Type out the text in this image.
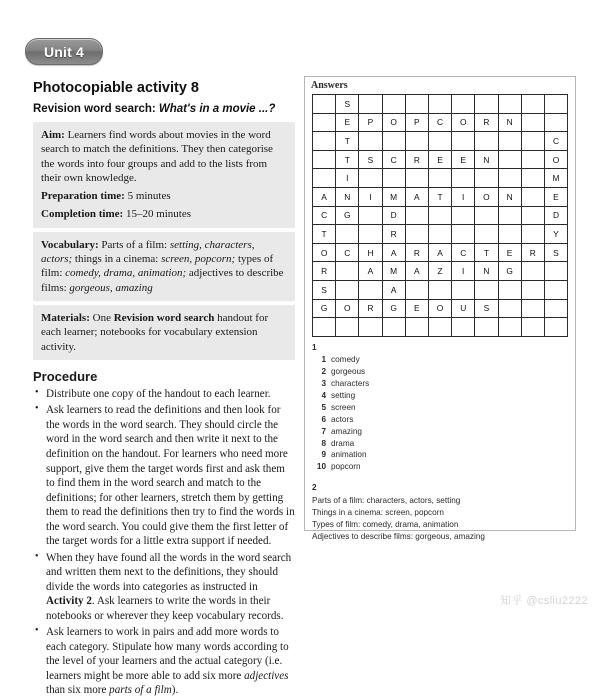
Unit 4
Photocopiable activity 8
Revision word search: What's in a movie ...?

Aim: Learners find words about movies in the word search to match the definitions. They then categorise the words into four groups and add to the lists from their own knowledge.

Preparation time: 5 minutes

Completion time: 15–20 minutes

Vocabulary: Parts of a film: setting, characters, actors; things in a cinema: screen, popcorn; types of film: comedy, drama, animation; adjectives to describe films: gorgeous, amazing

Materials: One Revision word search handout for each learner; notebooks for vocabulary extension activity.

Procedure
• Distribute one copy of the handout to each learner.
• Ask learners to read the definitions and then look for the words in the word search. They should circle the word in the word search and then write it next to the definition on the handout. For learners who need more support, give them the target words first and ask them to find them in the word search and match to the definitions; for other learners, stretch them by getting them to read the definitions then try to find the words in the word search. You could give them the first letter of the target words for a little extra support if needed.
• When they have found all the words in the word search and written them next to the definitions, they should divide the words into categories as instructed in Activity 2. Ask learners to write the words in their notebooks or wherever they keep vocabulary records.
• Ask learners to work in pairs and add more words to each category. Stipulate how many words according to the level of your learners and the actual category (i.e. learners might be more able to add six more adjectives than six more parts of a film).
Answers
	S									
	E	P	O	P	C	O	R	N		
	T									C
	T	S	C	R	E	E	N			O
	I									M
A	N	I	M	A	T	I	O	N		E
C	G		D							D
T			R							Y
O	C	H	A	R	A	C	T	E	R	S
R		A	M	A	Z	I	N	G		
S			A							
G	O	R	G	E	O	U	S			

1
comedy
gorgeous
characters
setting
screen
actors
amazing
drama
animation
popcorn
2
Parts of a film: characters, actors, setting
Things in a cinema: screen, popcorn
Types of film: comedy, drama, animation
Adjectives to describe films: gorgeous, amazing
知乎 @csliu2222
